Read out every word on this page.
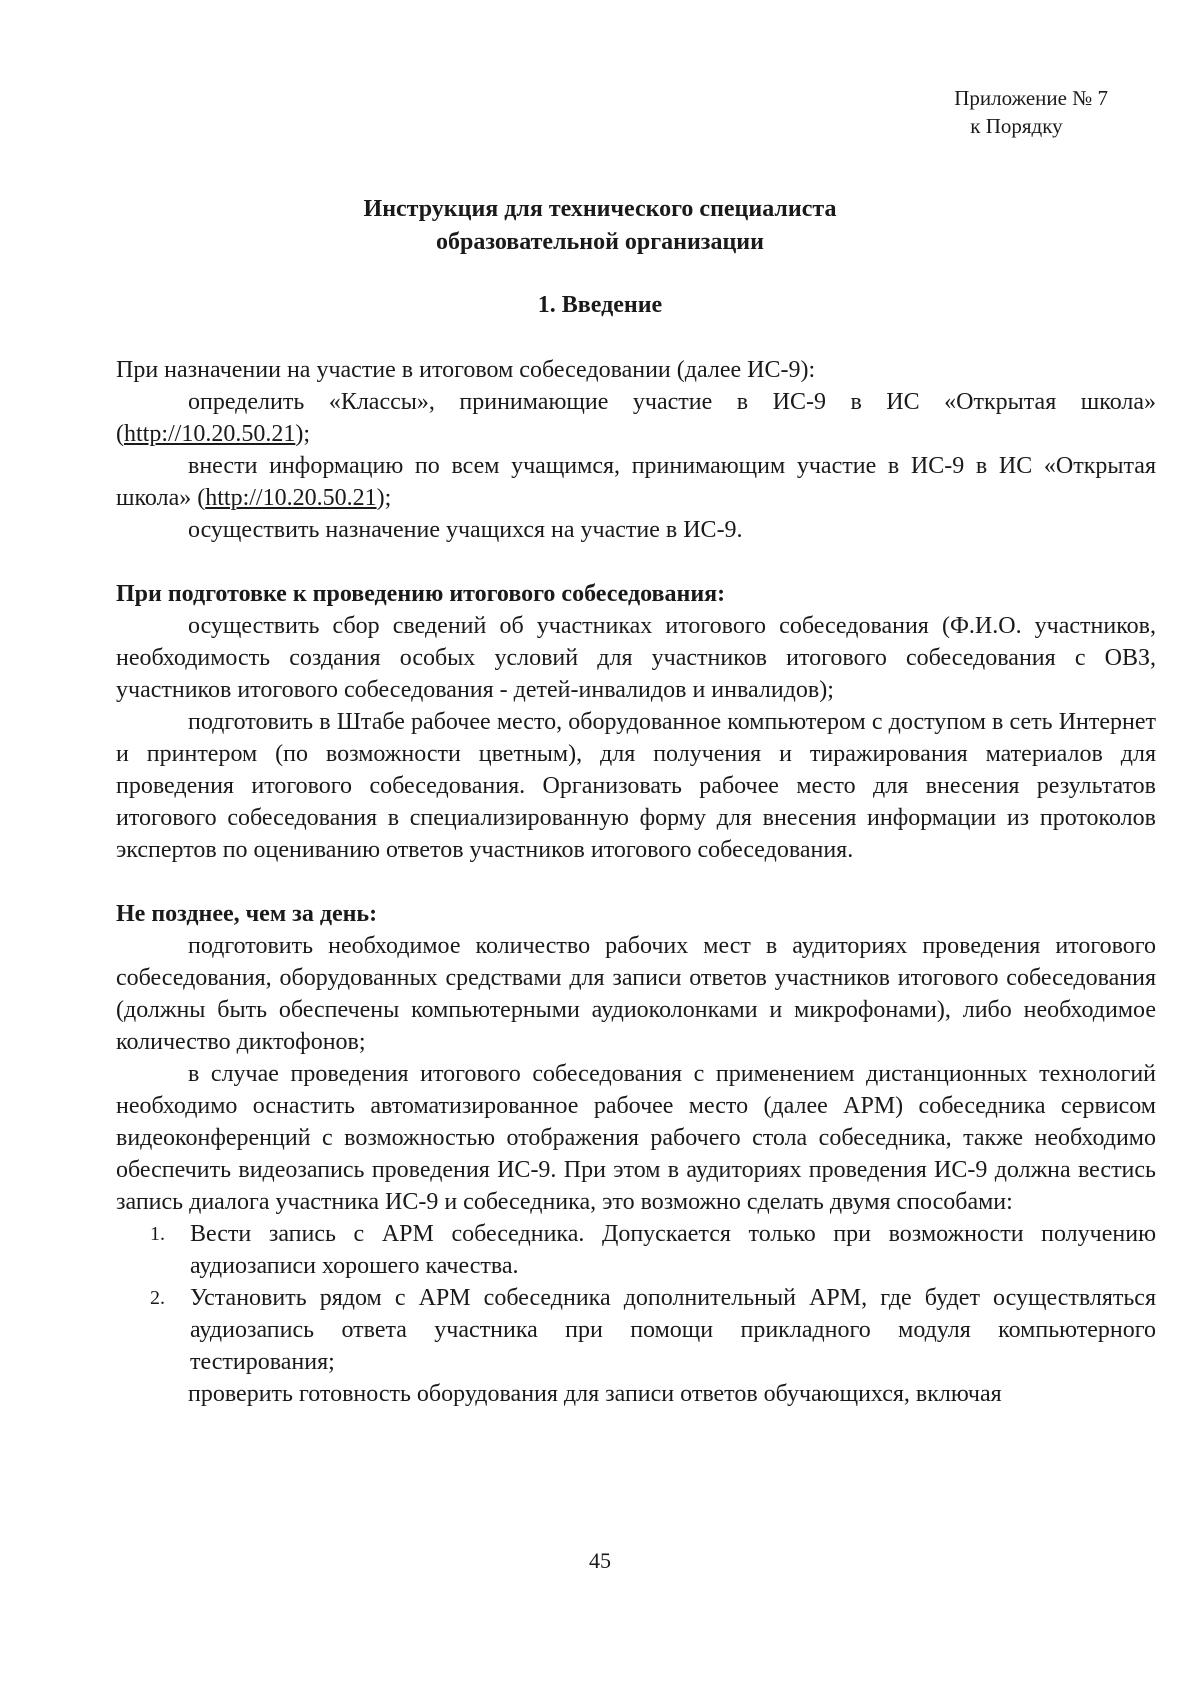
Приложение № 7
к Порядку
Инструкция для технического специалиста
образовательной организации
1. Введение

При назначении на участие в итоговом собеседовании (далее ИС-9):

определить «Классы», принимающие участие в ИС-9 в ИС «Открытая школа» (http://10.20.50.21);

внести информацию по всем учащимся, принимающим участие в ИС-9 в ИС «Открытая школа» (http://10.20.50.21);

осуществить назначение учащихся на участие в ИС-9.

При подготовке к проведению итогового собеседования:

осуществить сбор сведений об участниках итогового собеседования (Ф.И.О. участников, необходимость создания особых условий для участников итогового собеседования с ОВЗ, участников итогового собеседования - детей-инвалидов и инвалидов);

подготовить в Штабе рабочее место, оборудованное компьютером с доступом в сеть Интернет и принтером (по возможности цветным), для получения и тиражирования материалов для проведения итогового собеседования. Организовать рабочее место для внесения результатов итогового собеседования в специализированную форму для внесения информации из протоколов экспертов по оцениванию ответов участников итогового собеседования.

Не позднее, чем за день:

подготовить необходимое количество рабочих мест в аудиториях проведения итогового собеседования, оборудованных средствами для записи ответов участников итогового собеседования (должны быть обеспечены компьютерными аудиоколонками и микрофонами), либо необходимое количество диктофонов;

в случае проведения итогового собеседования с применением дистанционных технологий необходимо оснастить автоматизированное рабочее место (далее АРМ) собеседника сервисом видеоконференций с возможностью отображения рабочего стола собеседника, также необходимо обеспечить видеозапись проведения ИС-9. При этом в аудиториях проведения ИС-9 должна вестись запись диалога участника ИС-9 и собеседника, это возможно сделать двумя способами:

1. Вести запись с АРМ собеседника. Допускается только при возможности получению аудиозаписи хорошего качества.
2. Установить рядом с АРМ собеседника дополнительный АРМ, где будет осуществляться аудиозапись ответа участника при помощи прикладного модуля компьютерного тестирования;

проверить готовность оборудования для записи ответов обучающихся, включая

45
